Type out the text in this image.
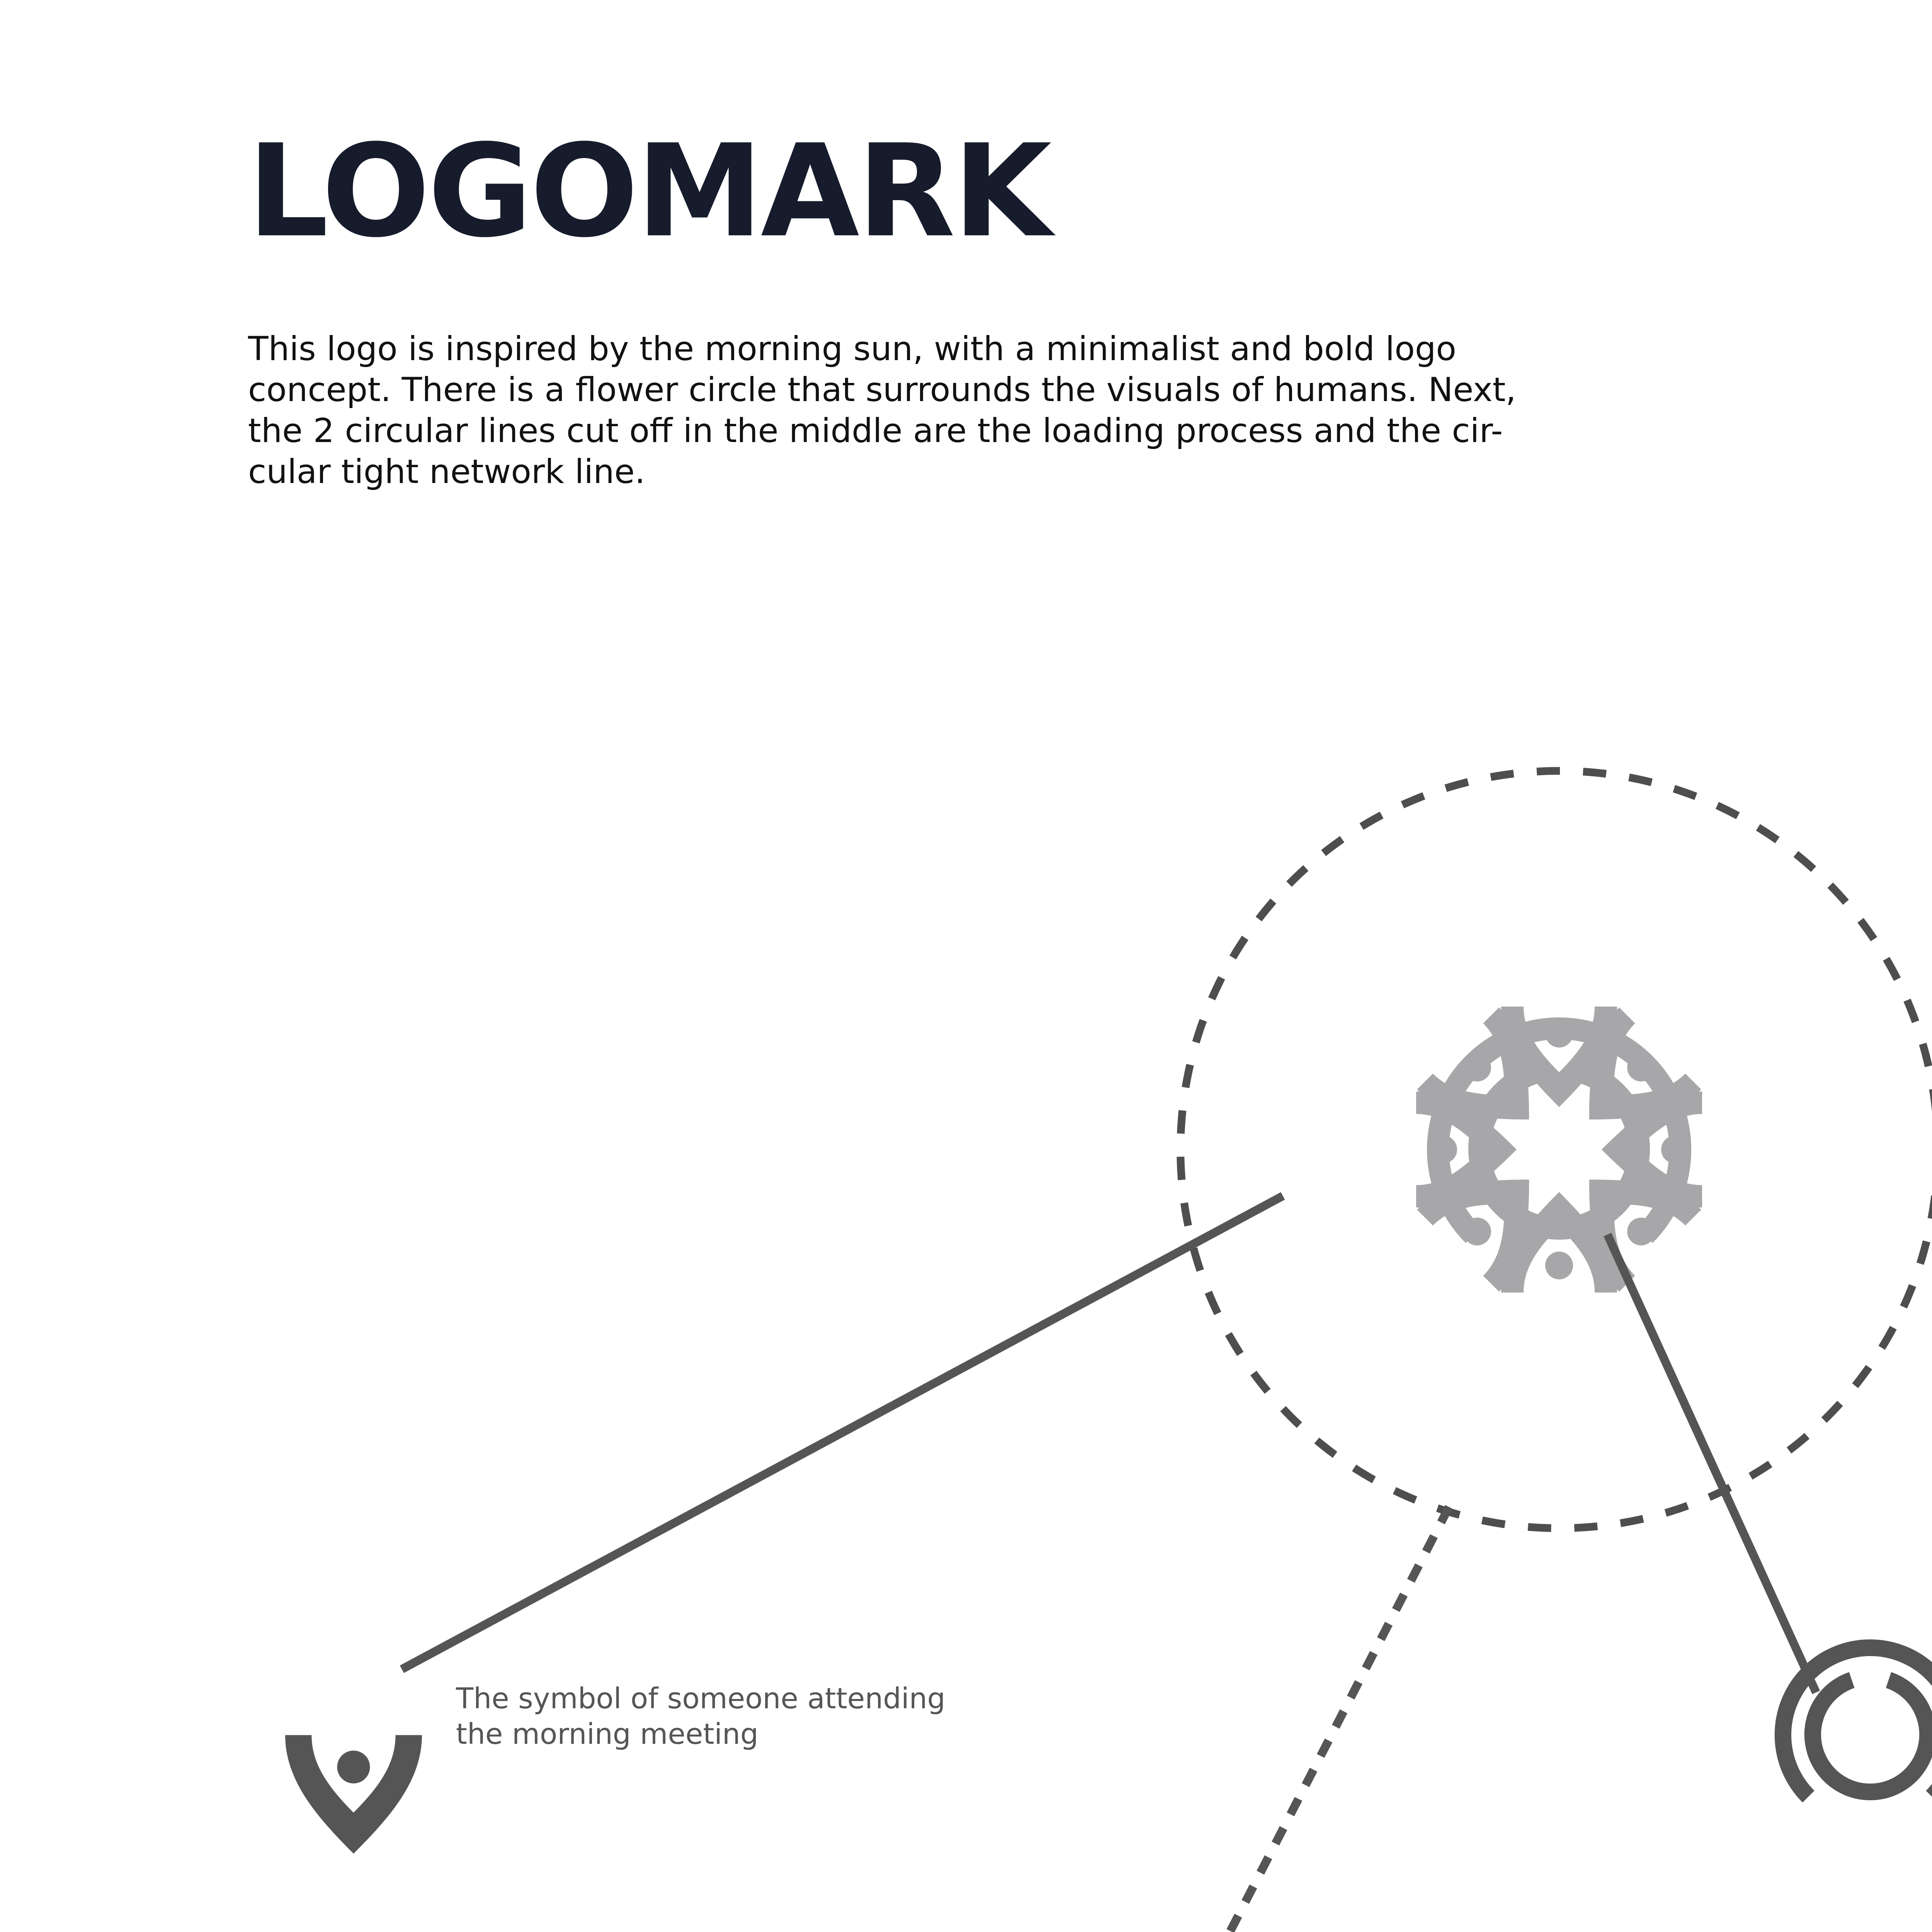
LOGOMARK

This logo is inspired by the morning sun, with a minimalist and bold logo
concept. There is a flower circle that surrounds the visuals of humans. Next,
the 2 circular lines cut off in the middle are the loading process and the cir-
cular tight network line.

The symbol of someone attending
the morning meeting
